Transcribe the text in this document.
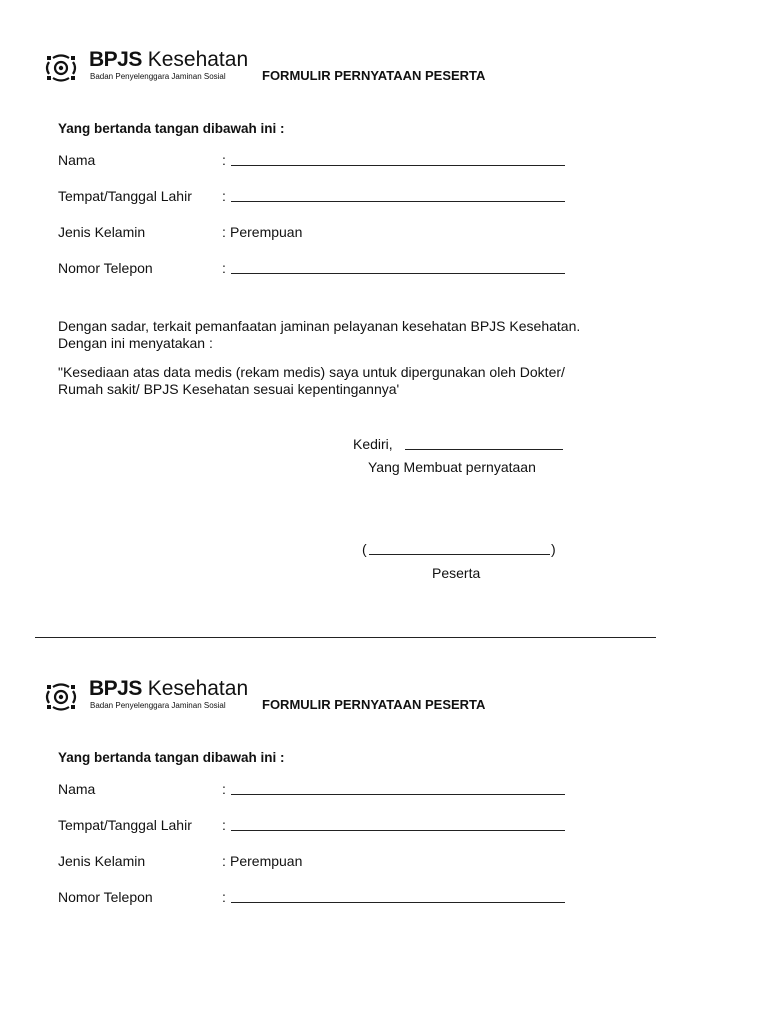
BPJS Kesehatan
Badan Penyelenggara Jaminan Sosial	FORMULIR PERNYATAAN PESERTA
Yang bertanda tangan dibawah ini :
Nama	:
Tempat/Tanggal Lahir :
Jenis Kelamin	: Perempuan
Nomor Telepon	:
Dengan sadar, terkait pemanfaatan jaminan pelayanan kesehatan BPJS Kesehatan.
Dengan ini menyatakan :
"Kesediaan atas data medis (rekam medis) saya untuk dipergunakan oleh Dokter/
Rumah sakit/ BPJS Kesehatan sesuai kepentingannya'
Kediri,
Yang Membuat pernyataan
(	)
Peserta
BPJS Kesehatan
Badan Penyelenggara Jaminan Sosial	FORMULIR PERNYATAAN PESERTA
Yang bertanda tangan dibawah ini :
Nama	:
Tempat/Tanggal Lahir :
Jenis Kelamin	: Perempuan
Nomor Telepon	:
